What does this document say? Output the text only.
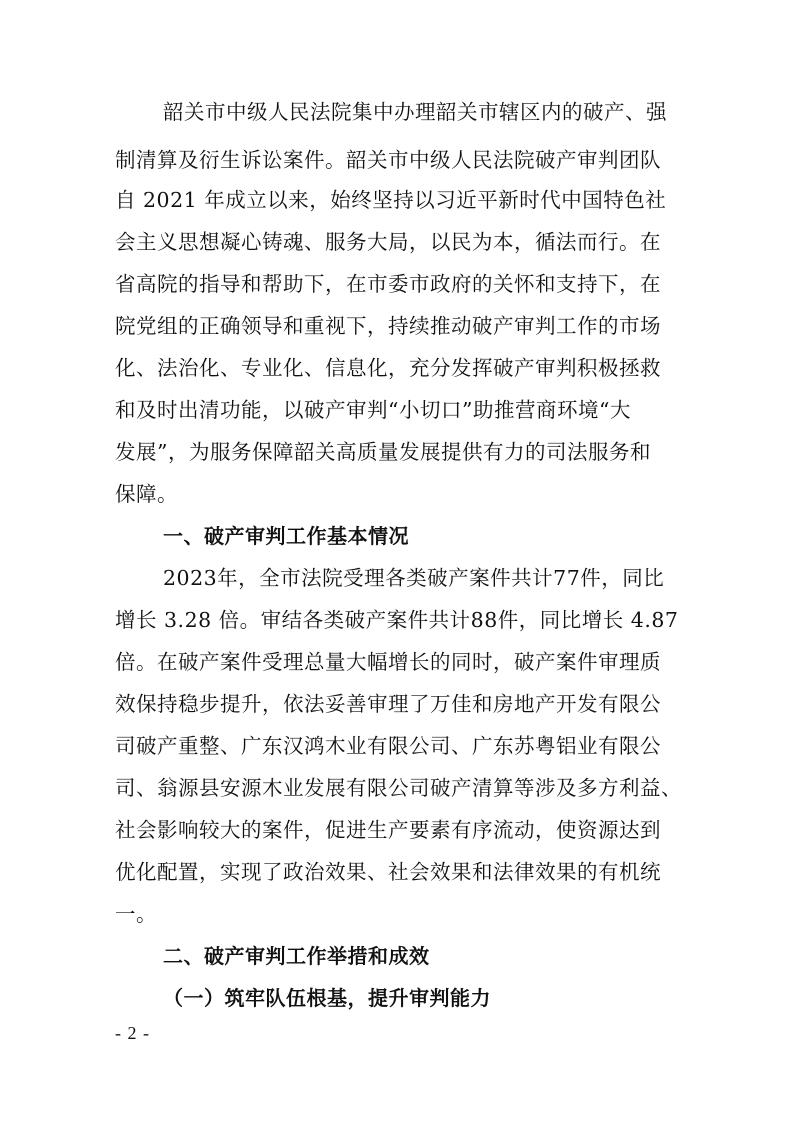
韶关市中级人民法院集中办理韶关市辖区内的破产、强
制清算及衍生诉讼案件。韶关市中级人民法院破产审判团队
自 2021 年成立以来，始终坚持以习近平新时代中国特色社
会主义思想凝心铸魂、服务大局，以民为本，循法而行。在
省高院的指导和帮助下，在市委市政府的关怀和支持下，在
院党组的正确领导和重视下，持续推动破产审判工作的市场
化、法治化、专业化、信息化，充分发挥破产审判积极拯救
和及时出清功能，以破产审判“小切口”助推营商环境“大
发展”，为服务保障韶关高质量发展提供有力的司法服务和
保障。
一、破产审判工作基本情况
2023年，全市法院受理各类破产案件共计77件，同比
增长 3.28 倍。审结各类破产案件共计88件，同比增长 4.87
倍。在破产案件受理总量大幅增长的同时，破产案件审理质
效保持稳步提升，依法妥善审理了万佳和房地产开发有限公
司破产重整、广东汉鸿木业有限公司、广东苏粤铝业有限公
司、翁源县安源木业发展有限公司破产清算等涉及多方利益、
社会影响较大的案件，促进生产要素有序流动，使资源达到
优化配置，实现了政治效果、社会效果和法律效果的有机统
一。
二、破产审判工作举措和成效
（一）筑牢队伍根基，提升审判能力
- 2 -
